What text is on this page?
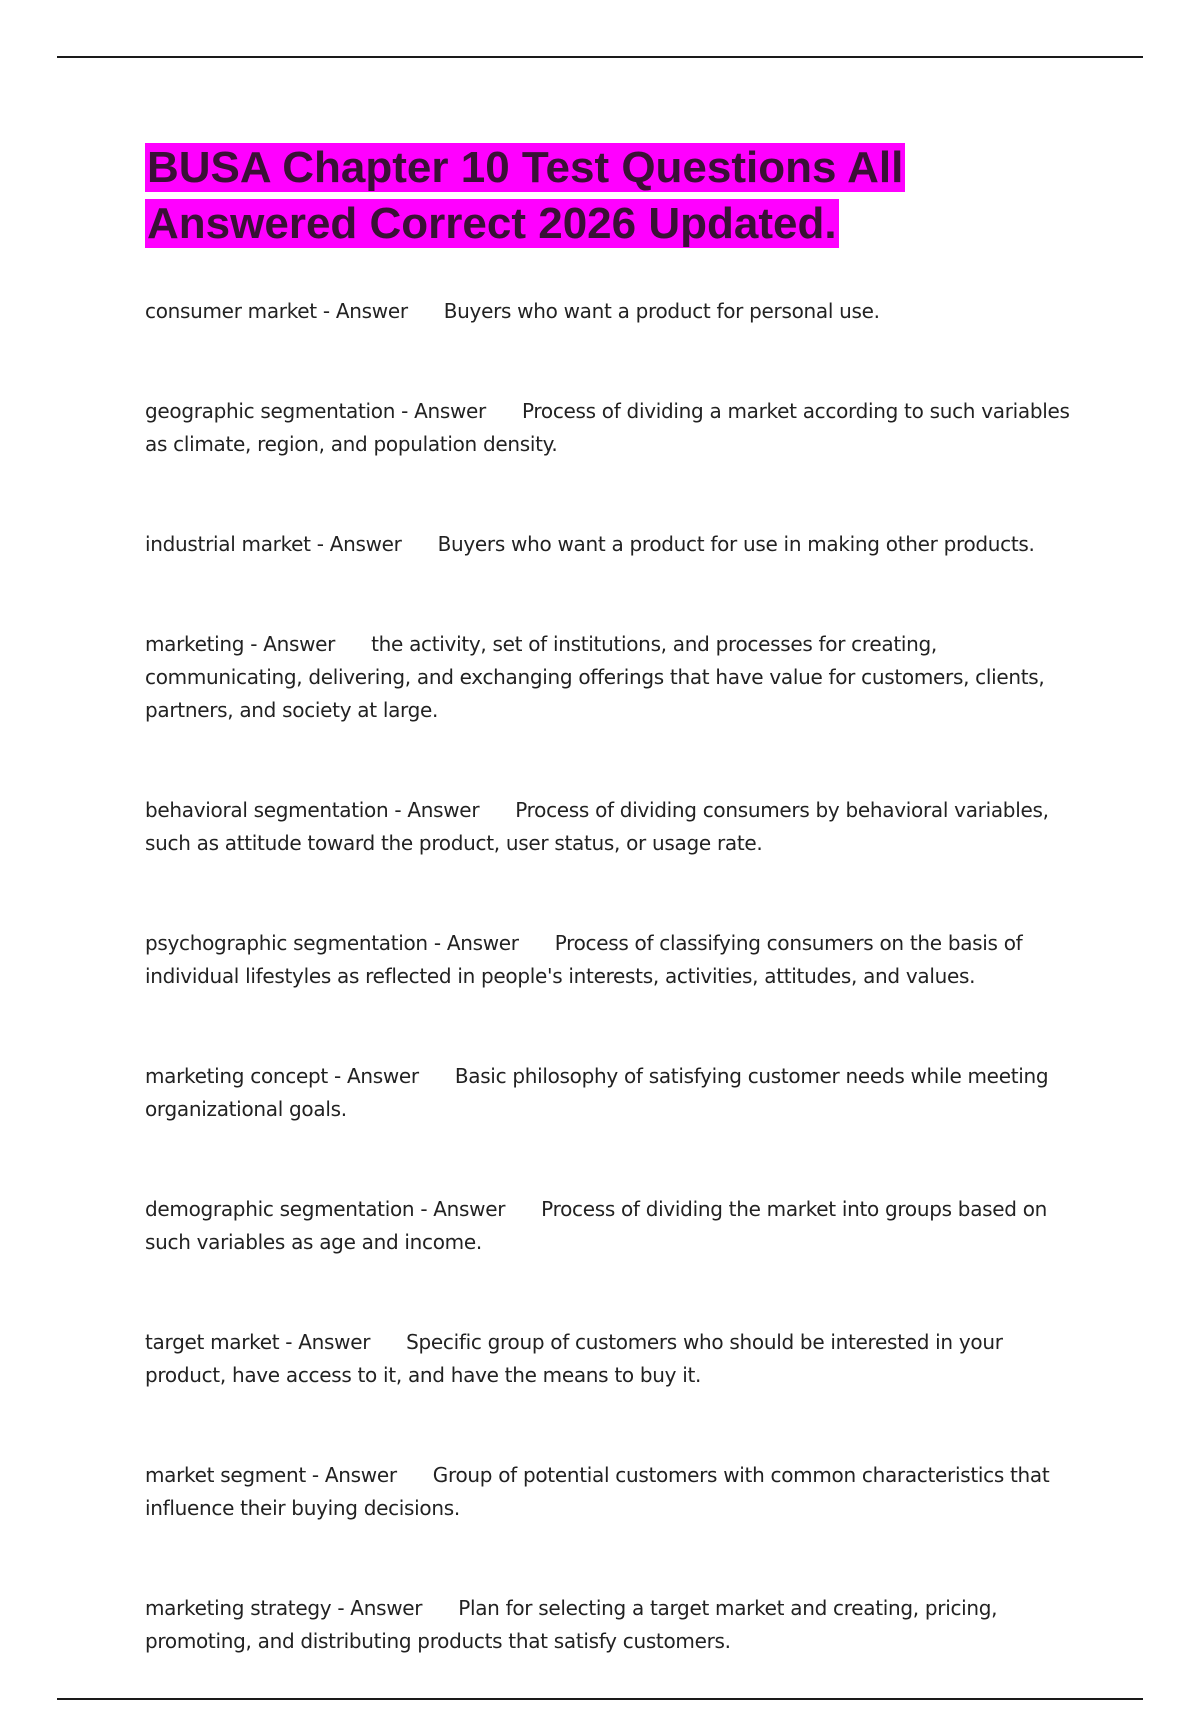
BUSA Chapter 10 Test Questions All Answered Correct 2026 Updated.

consumer market - Answer Buyers who want a product for personal use.

geographic segmentation - Answer Process of dividing a market according to such variables as climate, region, and population density.

industrial market - Answer Buyers who want a product for use in making other products.

marketing - Answer the activity, set of institutions, and processes for creating, communicating, delivering, and exchanging offerings that have value for customers, clients, partners, and society at large.

behavioral segmentation - Answer Process of dividing consumers by behavioral variables, such as attitude toward the product, user status, or usage rate.

psychographic segmentation - Answer Process of classifying consumers on the basis of individual lifestyles as reflected in people's interests, activities, attitudes, and values.

marketing concept - Answer Basic philosophy of satisfying customer needs while meeting organizational goals.

demographic segmentation - Answer Process of dividing the market into groups based on such variables as age and income.

target market - Answer Specific group of customers who should be interested in your product, have access to it, and have the means to buy it.

market segment - Answer Group of potential customers with common characteristics that influence their buying decisions.

marketing strategy - Answer Plan for selecting a target market and creating, pricing, promoting, and distributing products that satisfy customers.
